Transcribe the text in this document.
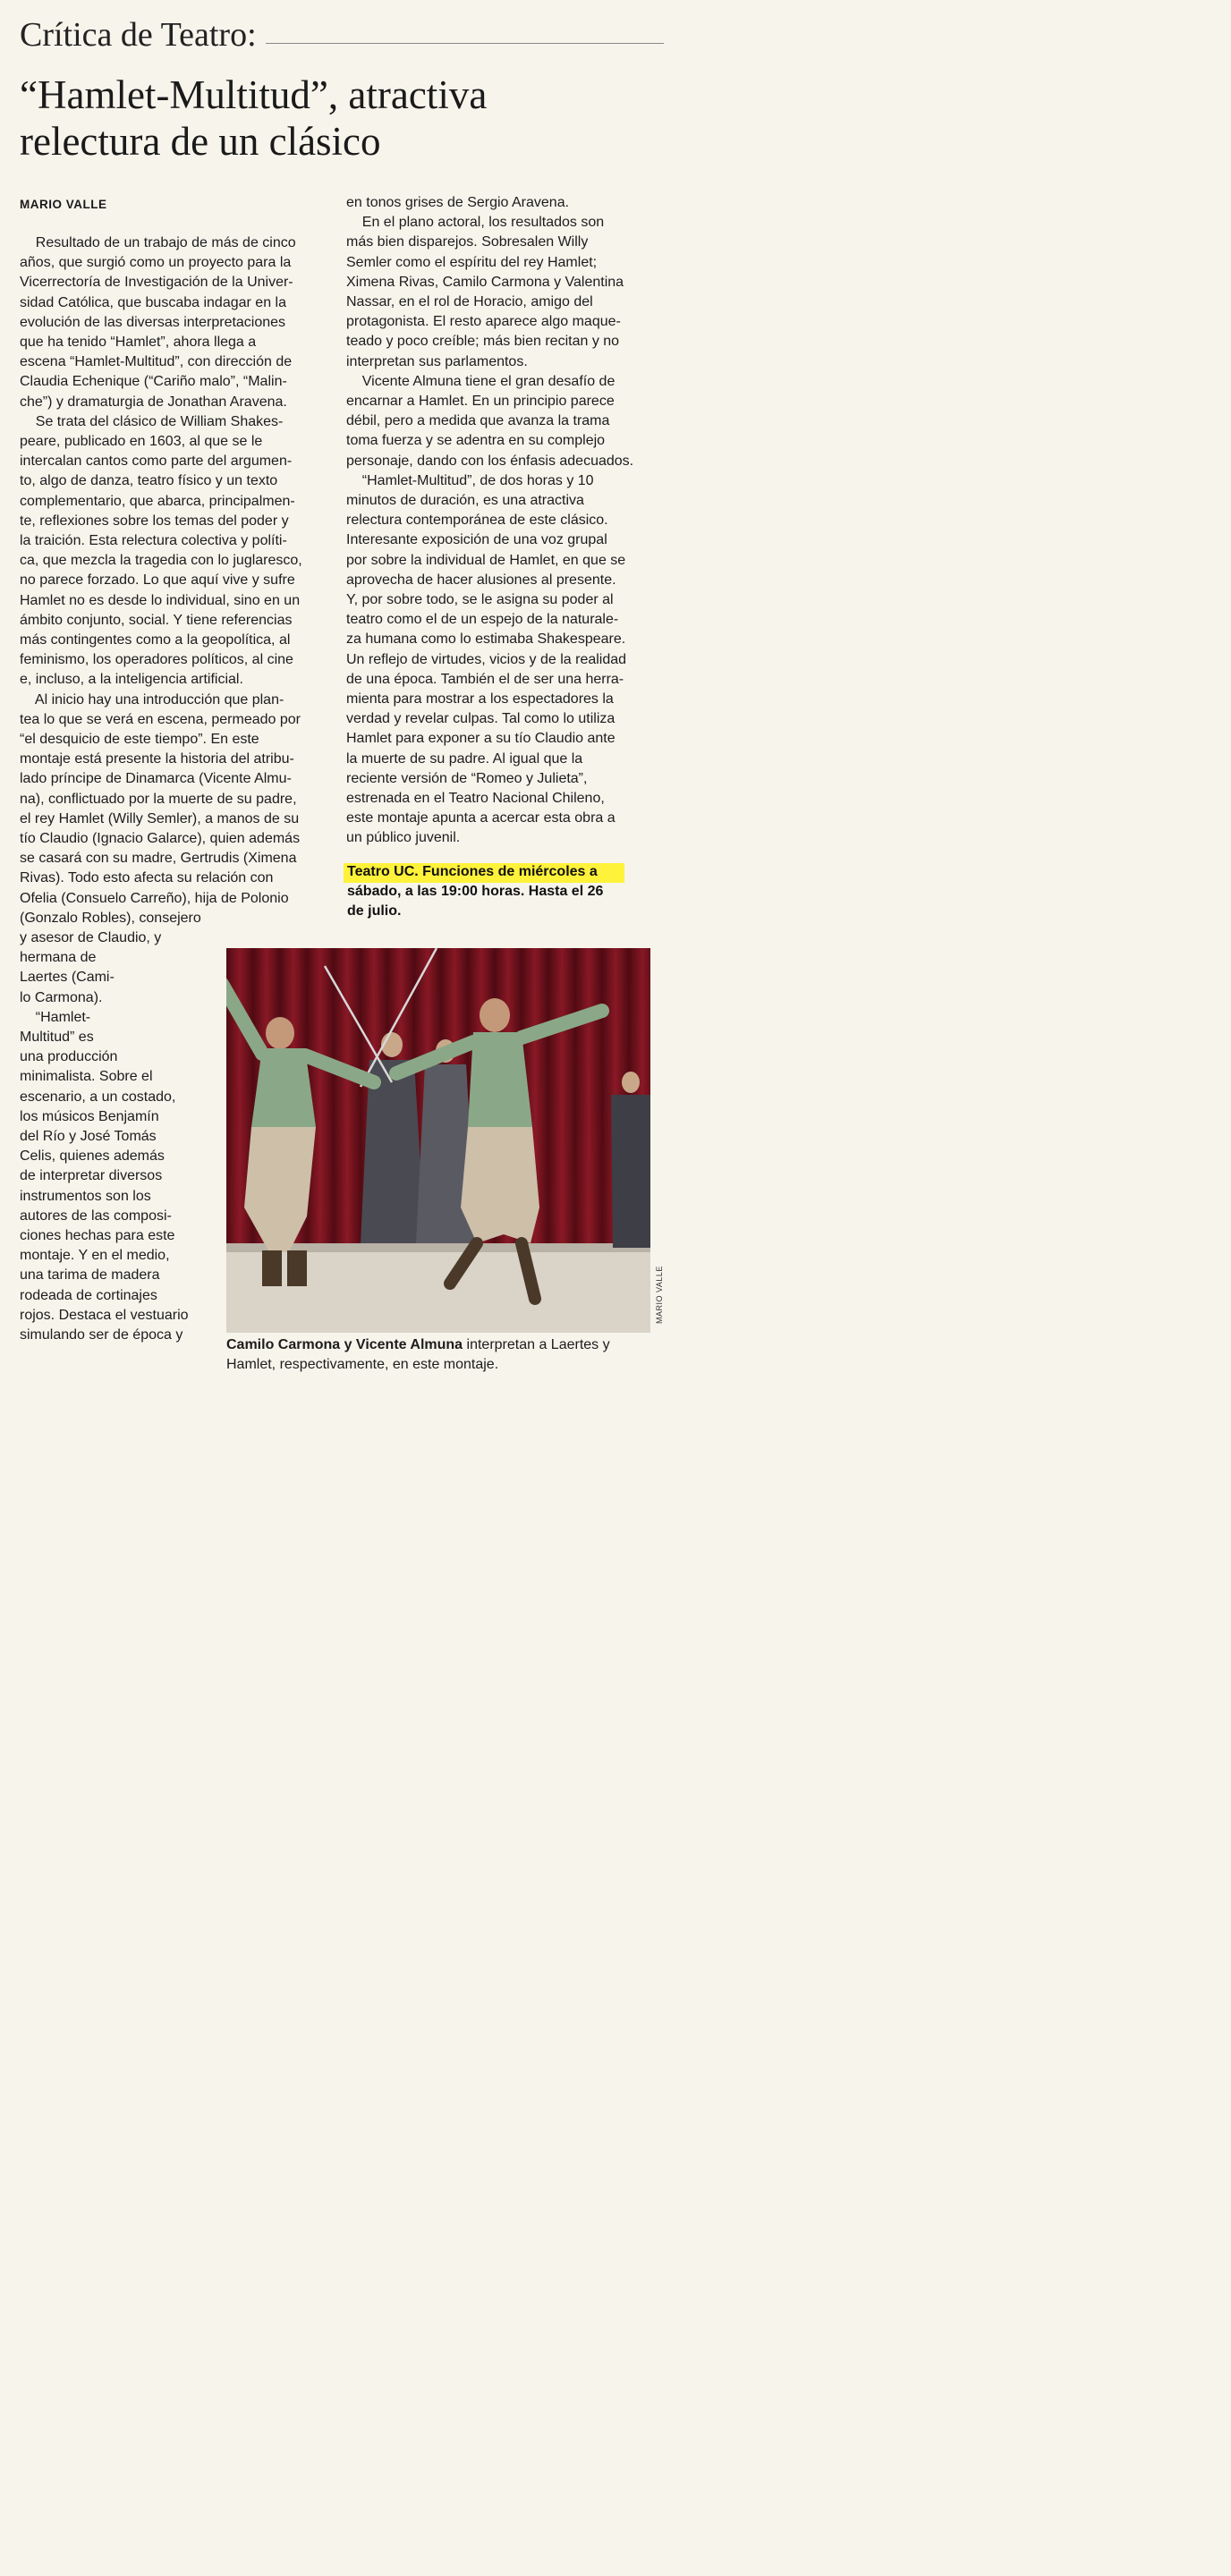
Crítica de Teatro:
“Hamlet-Multitud”, atractiva
relectura de un clásico
MARIO VALLE
Resultado de un trabajo de más de cinco
años, que surgió como un proyecto para la
Vicerrectoría de Investigación de la Univer-
sidad Católica, que buscaba indagar en la
evolución de las diversas interpretaciones
que ha tenido “Hamlet”, ahora llega a
escena “Hamlet-Multitud”, con dirección de
Claudia Echenique (“Cariño malo”, “Malin-
che”) y dramaturgia de Jonathan Aravena.
Se trata del clásico de William Shakes-
peare, publicado en 1603, al que se le
intercalan cantos como parte del argumen-
to, algo de danza, teatro físico y un texto
complementario, que abarca, principalmen-
te, reflexiones sobre los temas del poder y
la traición. Esta relectura colectiva y políti-
ca, que mezcla la tragedia con lo juglaresco,
no parece forzado. Lo que aquí vive y sufre
Hamlet no es desde lo individual, sino en un
ámbito conjunto, social. Y tiene referencias
más contingentes como a la geopolítica, al
feminismo, los operadores políticos, al cine
e, incluso, a la inteligencia artificial.
Al inicio hay una introducción que plan-
tea lo que se verá en escena, permeado por
“el desquicio de este tiempo”. En este
montaje está presente la historia del atribu-
lado príncipe de Dinamarca (Vicente Almu-
na), conflictuado por la muerte de su padre,
el rey Hamlet (Willy Semler), a manos de su
tío Claudio (Ignacio Galarce), quien además
se casará con su madre, Gertrudis (Ximena
Rivas). Todo esto afecta su relación con
Ofelia (Consuelo Carreño), hija de Polonio
(Gonzalo Robles), consejero
y asesor de Claudio, y
hermana de
Laertes (Cami-
lo Carmona).
“Hamlet-
Multitud” es
una producción
minimalista. Sobre el
escenario, a un costado,
los músicos Benjamín
del Río y José Tomás
Celis, quienes además
de interpretar diversos
instrumentos son los
autores de las composi-
ciones hechas para este
montaje. Y en el medio,
una tarima de madera
rodeada de cortinajes
rojos. Destaca el vestuario
simulando ser de época y
en tonos grises de Sergio Aravena.
En el plano actoral, los resultados son
más bien disparejos. Sobresalen Willy
Semler como el espíritu del rey Hamlet;
Ximena Rivas, Camilo Carmona y Valentina
Nassar, en el rol de Horacio, amigo del
protagonista. El resto aparece algo maque-
teado y poco creíble; más bien recitan y no
interpretan sus parlamentos.
Vicente Almuna tiene el gran desafío de
encarnar a Hamlet. En un principio parece
débil, pero a medida que avanza la trama
toma fuerza y se adentra en su complejo
personaje, dando con los énfasis adecuados.
“Hamlet-Multitud”, de dos horas y 10
minutos de duración, es una atractiva
relectura contemporánea de este clásico.
Interesante exposición de una voz grupal
por sobre la individual de Hamlet, en que se
aprovecha de hacer alusiones al presente.
Y, por sobre todo, se le asigna su poder al
teatro como el de un espejo de la naturale-
za humana como lo estimaba Shakespeare.
Un reflejo de virtudes, vicios y de la realidad
de una época. También el de ser una herra-
mienta para mostrar a los espectadores la
verdad y revelar culpas. Tal como lo utiliza
Hamlet para exponer a su tío Claudio ante
la muerte de su padre. Al igual que la
reciente versión de “Romeo y Julieta”,
estrenada en el Teatro Nacional Chileno,
este montaje apunta a acercar esta obra a
un público juvenil.
Teatro UC. Funciones de miércoles a
sábado, a las 19:00 horas. Hasta el 26
de julio.
MARIO VALLE
Camilo Carmona y Vicente Almuna interpretan a Laertes y Hamlet, respectivamente, en este montaje.
